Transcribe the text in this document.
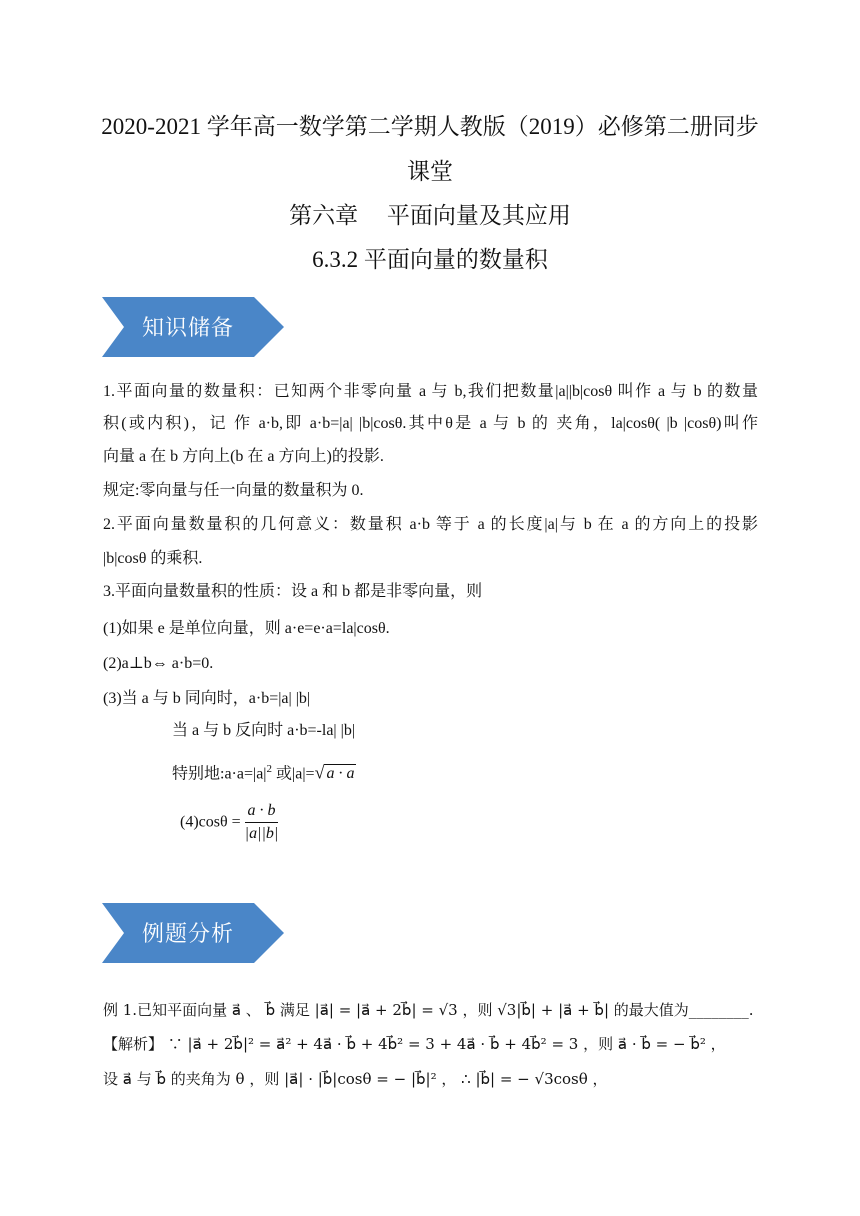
2020-2021 学年高一数学第二学期人教版（2019）必修第二册同步
课堂
第六章　 平面向量及其应用
6.3.2 平面向量的数量积
知识储备
1.平面向量的数量积：已知两个非零向量 a 与 b,我们把数量|a||b|cosθ 叫作 a 与 b 的数量
积(或内积)，记 作 a·b,即 a·b=|a| |b|cosθ.其中θ是 a 与 b 的 夹角，la|cosθ( |b |cosθ)叫作
向量 a 在 b 方向上(b 在 a 方向上)的投影.
规定:零向量与任一向量的数量积为 0.
2.平面向量数量积的几何意义：数量积 a·b 等于 a 的长度|a|与 b 在 a 的方向上的投影
|b|cosθ 的乘积.
3.平面向量数量积的性质：设 a 和 b 都是非零向量，则
(1)如果 e 是单位向量，则 a·e=e·a=la|cosθ.
(2)a⊥b⇔ a·b=0.
(3)当 a 与 b 同向时，a·b=|a| |b|
当 a 与 b 反向时 a·b=-la| |b|
特别地$:a\cdot a=|a|^2$ 或|a|=√ a · a
$(4)\cos\theta = \frac{a \cdot b}{|a||b|}$
例题分析
例 1.已知平面向量 a⃗ 、 b⃗ 满足 |a⃗| = |a⃗ + 2b⃗| = √3 ，则 √3|b⃗| + |a⃗ + b⃗| 的最大值为________.
【解析】 ∵ |a⃗ + 2b⃗|² = a⃗² + 4a⃗ · b⃗ + 4b⃗² = 3 + 4a⃗ · b⃗ + 4b⃗² = 3 ，则 a⃗ · b⃗ = − b⃗² ，
设 a⃗ 与 b⃗ 的夹角为 θ ，则 |a⃗| · |b⃗|cosθ = − |b⃗|² ， ∴ |b⃗| = − √3cosθ ，
